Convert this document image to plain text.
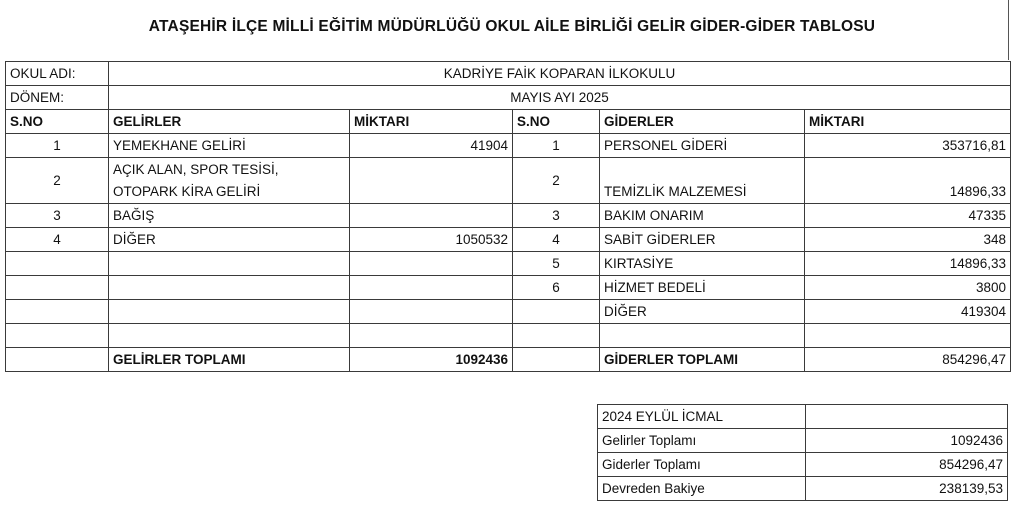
ATAŞEHİR İLÇE MİLLİ EĞİTİM MÜDÜRLÜĞÜ OKUL AİLE BİRLİĞİ GELİR GİDER-GİDER TABLOSU
OKUL ADI:	KADRİYE FAİK KOPARAN İLKOKULU				
DÖNEM:	MAYIS AYI 2025				
S.NO	GELİRLER	MİKTARI	S.NO	GİDERLER	MİKTARI
1	YEMEKHANE GELİRİ	41904	1	PERSONEL GİDERİ	353716,81
2	AÇIK ALAN, SPOR TESİSİ, OTOPARK KİRA GELİRİ		2	TEMİZLİK MALZEMESİ	14896,33
3	BAĞIŞ		3	BAKIM ONARIM	47335
4	DİĞER	1050532	4	SABİT GİDERLER	348
			5	KIRTASİYE	14896,33
			6	HİZMET BEDELİ	3800
				DİĞER	419304

	GELİRLER TOPLAMI	1092436		GİDERLER TOPLAMI	854296,47
2024 EYLÜL İCMAL	
Gelirler Toplamı	1092436
Giderler Toplamı	854296,47
Devreden Bakiye	238139,53
